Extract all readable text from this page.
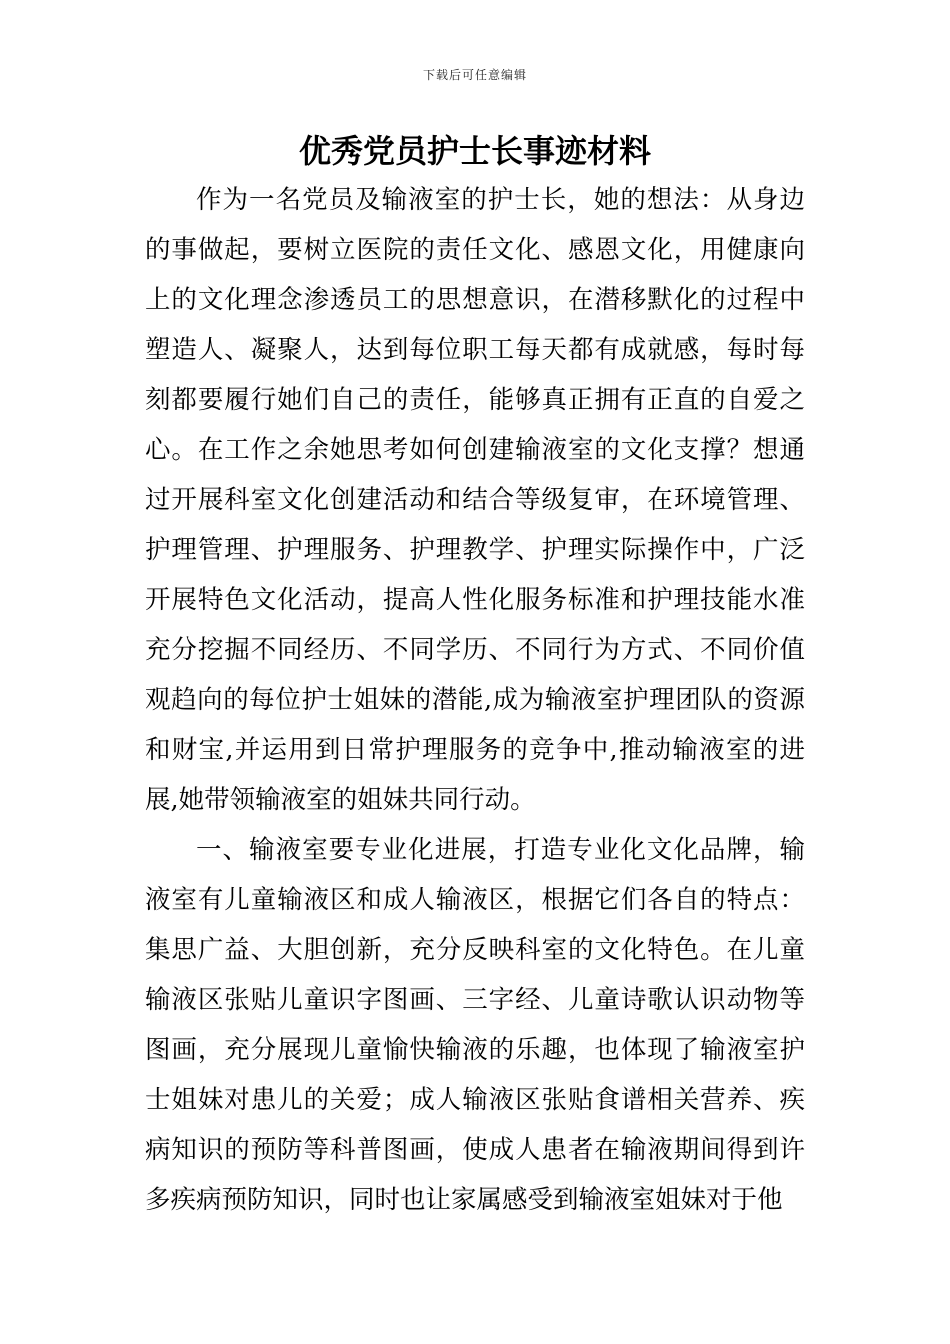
下载后可任意编辑
优秀党员护士长事迹材料

作为一名党员及输液室的护士长，她的想法：从身边的事做起，要树立医院的责任文化、感恩文化，用健康向上的文化理念渗透员工的思想意识，在潜移默化的过程中塑造人、凝聚人，达到每位职工每天都有成就感，每时每刻都要履行她们自己的责任，能够真正拥有正直的自爱之心。在工作之余她思考如何创建输液室的文化支撑？想通过开展科室文化创建活动和结合等级复审，在环境管理、护理管理、护理服务、护理教学、护理实际操作中，广泛开展特色文化活动，提高人性化服务标准和护理技能水准充分挖掘不同经历、不同学历、不同行为方式、不同价值观趋向的每位护士姐妹的潜能,成为输液室护理团队的资源和财宝,并运用到日常护理服务的竞争中,推动输液室的进展,她带领输液室的姐妹共同行动。

一、输液室要专业化进展，打造专业化文化品牌，输液室有儿童输液区和成人输液区，根据它们各自的特点：集思广益、大胆创新，充分反映科室的文化特色。在儿童输液区张贴儿童识字图画、三字经、儿童诗歌认识动物等图画，充分展现儿童愉快输液的乐趣，也体现了输液室护士姐妹对患儿的关爱；成人输液区张贴食谱相关营养、疾病知识的预防等科普图画，使成人患者在输液期间得到许多疾病预防知识，同时也让家属感受到输液室姐妹对于他
